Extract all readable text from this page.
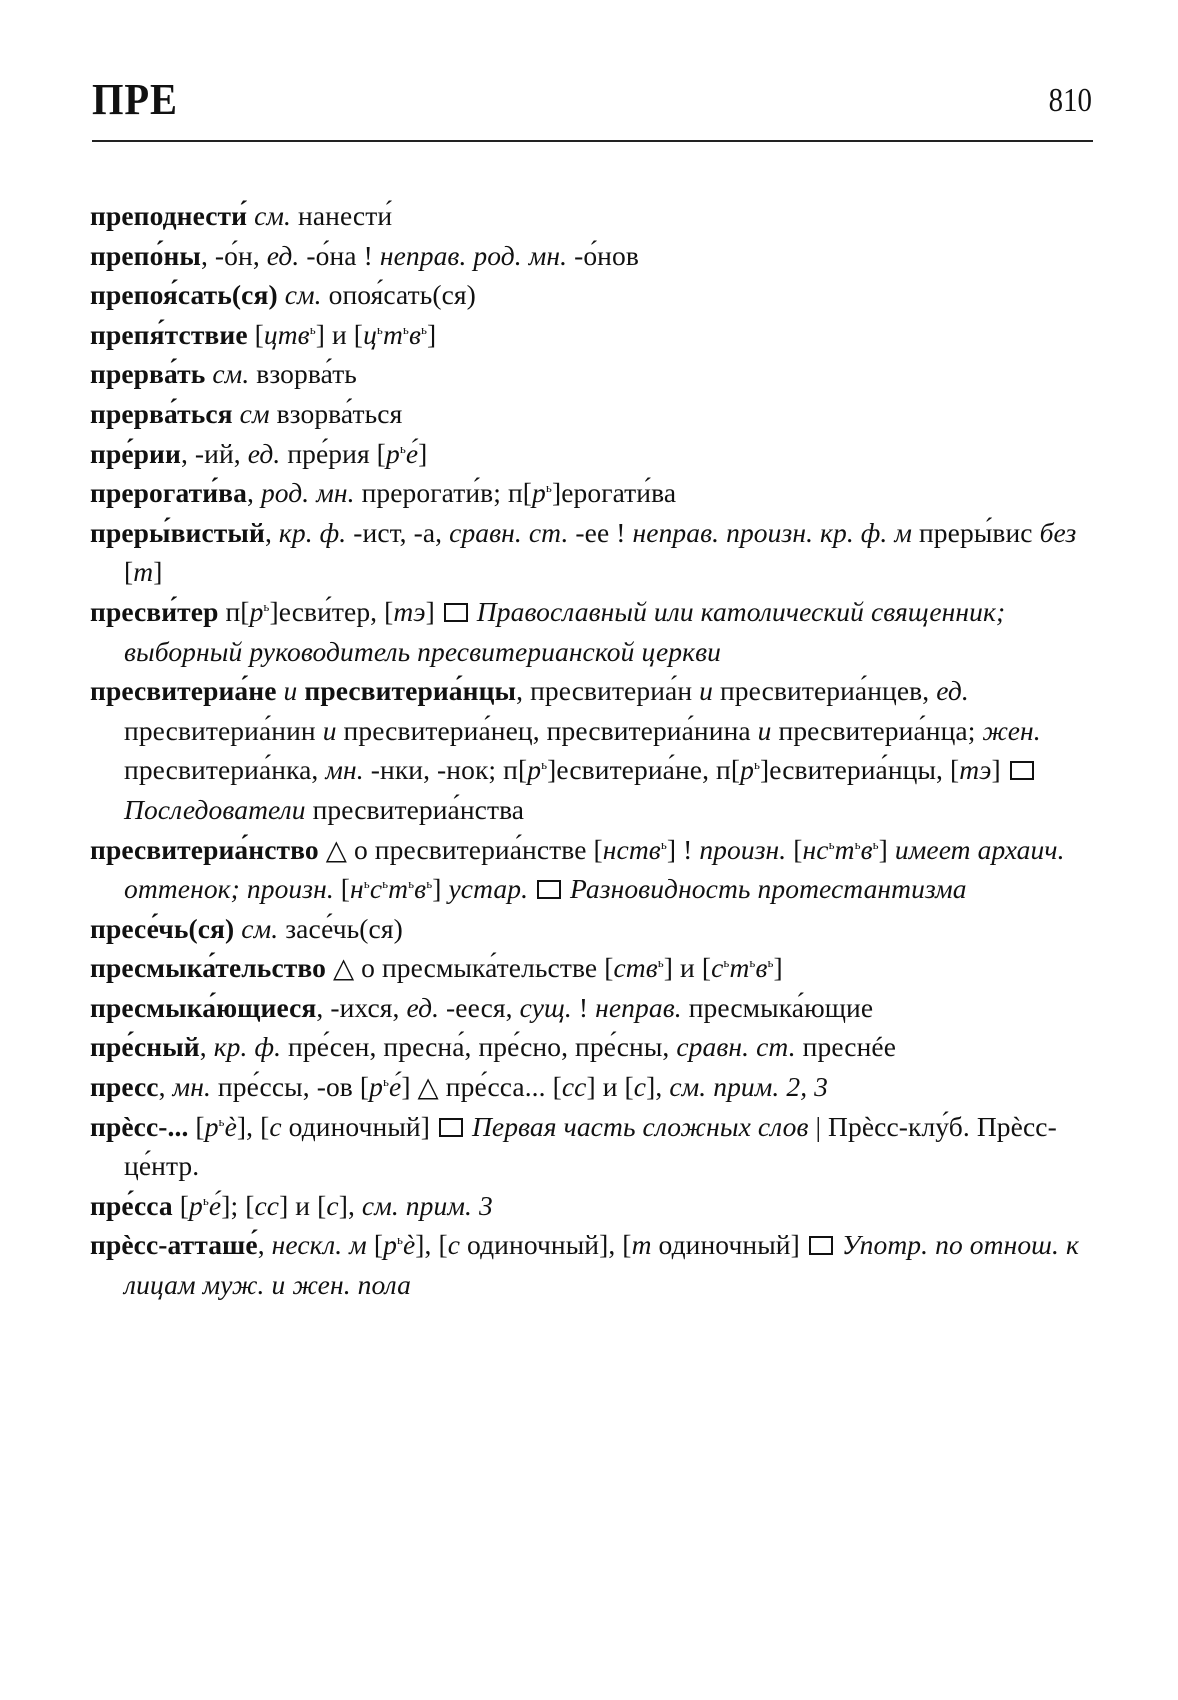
ПРЕ	810
преподнести́ см. нанести́
препо́ны, -о́н, ед. -о́на ! неправ. род. мн. -о́нов
препоя́сать(ся) см. опоя́сать(ся)
препя́тствие [цтв$^ь$] и $[ц^ьт^ьв^ь]$
прерва́ть см. взорва́ть
прерва́ться см взорва́ться
пре́рии, -ий, ед. пре́рия $[р^ье́]$
прерогати́ва, род. мн. прерогати́в; $п[р^ь]ерогати́ва$
преры́вистый, кр. ф. -ист, -а, сравн. ст. -ее ! неправ. произн. кр. ф. м преры́вис без [т]
пресви́тер $п[р^ь]есви́тер$, [тэ]  Православный или католический священник; выборный руководитель пресвитерианской церкви
пресвитериа́не и пресвитериа́нцы, пресвитериа́н и пресвитериа́нцев, ед. пресвитериа́нин и пресвитериа́нец, пресвитериа́нина и пресвитериа́нца; жен. пресвитериа́нка, мн. -нки, -нок; $п[р^ь]есвитериа́не$, $п[р^ь]есвитериа́нцы$, [тэ]  Последователи пресвитериа́нства
пресвитериа́нство △ о пресвитериа́нстве [нств$^ь$] ! произн. $[нс^ьт^ьв^ь]$ имеет архаич. оттенок; произн. $[н^ьс^ьт^ьв^ь]$ устар. Разновидность протестантизма
пресе́чь(ся) см. засе́чь(ся)
пресмыка́тельство △ о пресмыка́тельстве [ств$^ь$] и $[с^ьт^ьв^ь]$
пресмыка́ющиеся, -ихся, ед. -ееся, сущ. ! неправ. пресмыка́ющие
пре́сный, кр. ф. пре́сен, пресна́, пре́сно, пре́сны, сравн. ст. преснée
пресс, мн. пре́ссы, -ов $[р^ье́]$ △ пре́сса... [сс] и [с], см. прим. 2, 3
прèсс-... $[р^ьè]$, [с одиночный]  Первая часть сложных слов | Прèсс-клу́б. Прèсс-це́нтр.
пре́сса $[р^ье́]$; [сс] и [с], см. прим. 3
прèсс-атташе́, нескл. м $[р^ьè]$, [с одиночный], [т одиночный]  Употр. по отнош. к лицам муж. и жен. пола
